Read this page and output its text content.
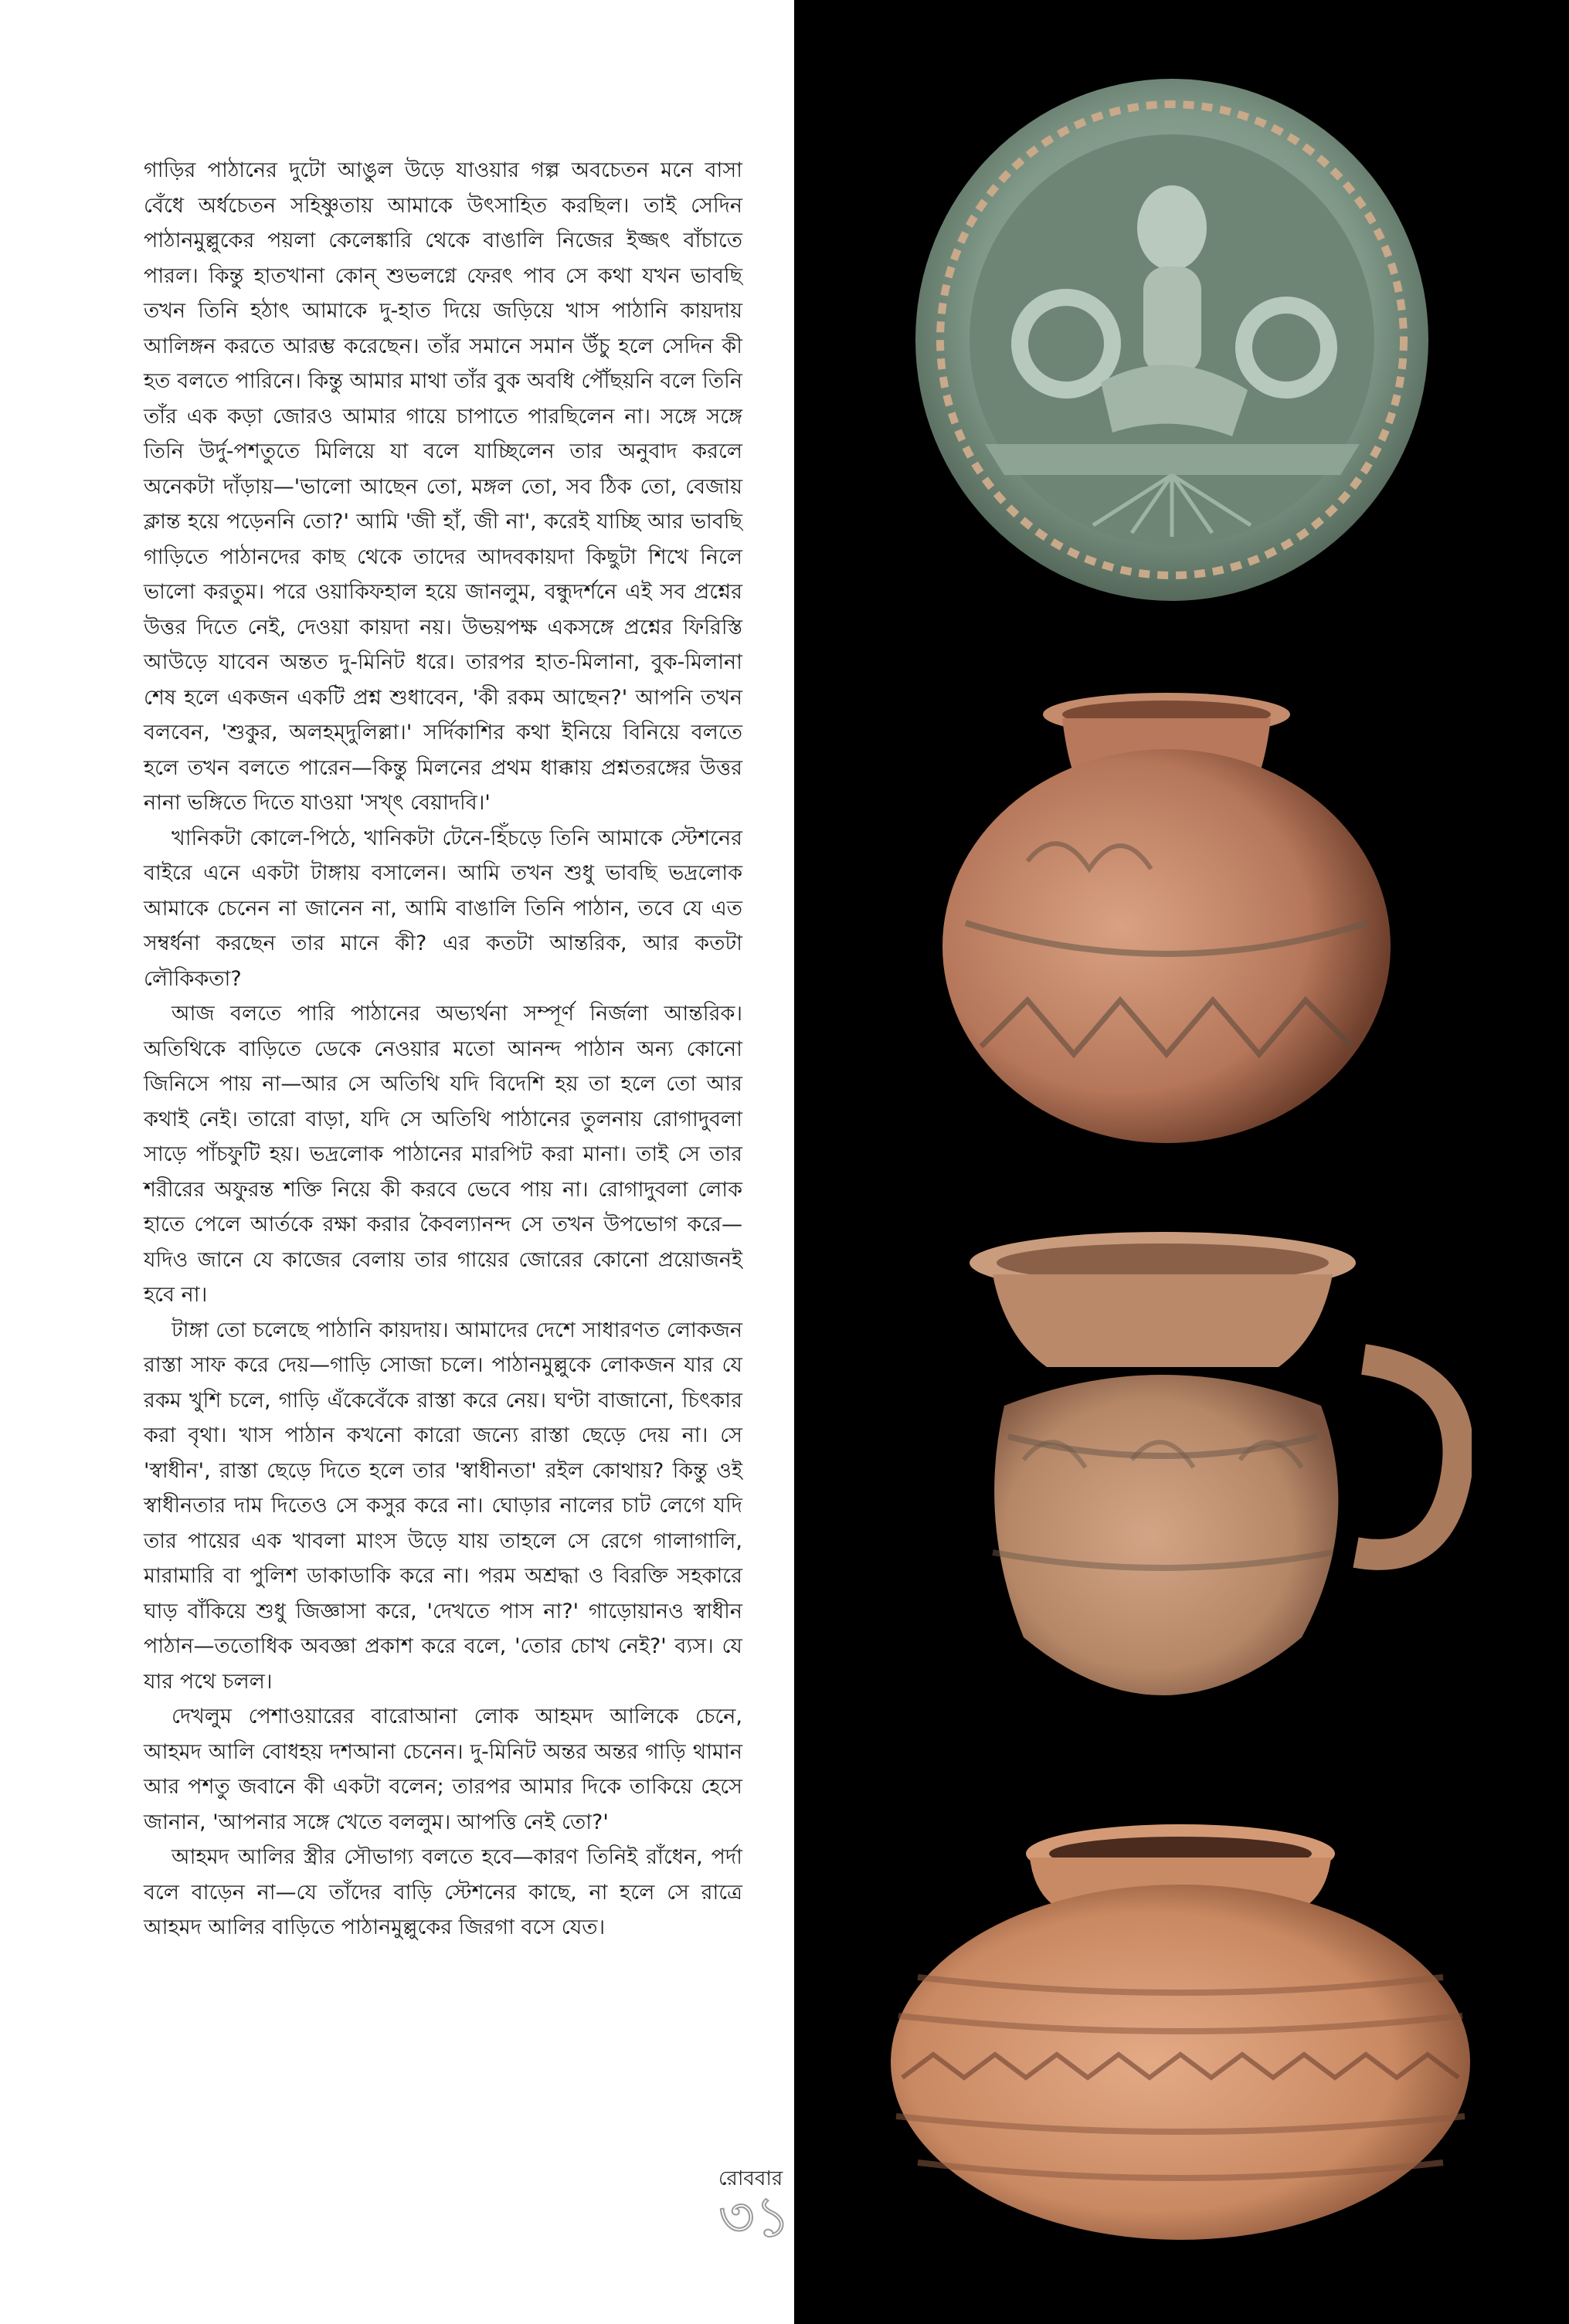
গাড়ির পাঠানের দুটো আঙুল উড়ে যাওয়ার গল্প অবচেতন মনে বাসা বেঁধে অর্ধচেতন সহিষ্ণুতায় আমাকে উৎসাহিত করছিল। তাই সেদিন পাঠানমুল্লুকের পয়লা কেলেঙ্কারি থেকে বাঙালি নিজের ইজ্জৎ বাঁচাতে পারল। কিন্তু হাতখানা কোন্‌ শুভলগ্নে ফেরৎ পাব সে কথা যখন ভাবছি তখন তিনি হঠাৎ আমাকে দু-হাত দিয়ে জড়িয়ে খাস পাঠানি কায়দায় আলিঙ্গন করতে আরম্ভ করেছেন। তাঁর সমানে সমান উঁচু হলে সেদিন কী হত বলতে পারিনে। কিন্তু আমার মাথা তাঁর বুক অবধি পৌঁছয়নি বলে তিনি তাঁর এক কড়া জোরও আমার গায়ে চাপাতে পারছিলেন না। সঙ্গে সঙ্গে তিনি উর্দু-পশতুতে মিলিয়ে যা বলে যাচ্ছিলেন তার অনুবাদ করলে অনেকটা দাঁড়ায়—'ভালো আছেন তো, মঙ্গল তো, সব ঠিক তো, বেজায় ক্লান্ত হয়ে পড়েননি তো?' আমি 'জী হাঁ, জী না', করেই যাচ্ছি আর ভাবছি গাড়িতে পাঠানদের কাছ থেকে তাদের আদবকায়দা কিছুটা শিখে নিলে ভালো করতুম। পরে ওয়াকিফহাল হয়ে জানলুম, বন্ধুদর্শনে এই সব প্রশ্নের উত্তর দিতে নেই, দেওয়া কায়দা নয়। উভয়পক্ষ একসঙ্গে প্রশ্নের ফিরিস্তি আউড়ে যাবেন অন্তত দু-মিনিট ধরে। তারপর হাত-মিলানা, বুক-মিলানা শেষ হলে একজন একটি প্রশ্ন শুধাবেন, 'কী রকম আছেন?' আপনি তখন বলবেন, 'শুকুর, অলহম্‌দুলিল্লা।' সর্দিকাশির কথা ইনিয়ে বিনিয়ে বলতে হলে তখন বলতে পারেন—কিন্তু মিলনের প্রথম ধাক্কায় প্রশ্নতরঙ্গের উত্তর নানা ভঙ্গিতে দিতে যাওয়া 'সখ্‌ৎ বেয়াদবি।'

খানিকটা কোলে-পিঠে, খানিকটা টেনে-হিঁচড়ে তিনি আমাকে স্টেশনের বাইরে এনে একটা টাঙ্গায় বসালেন। আমি তখন শুধু ভাবছি ভদ্রলোক আমাকে চেনেন না জানেন না, আমি বাঙালি তিনি পাঠান, তবে যে এত সম্বর্ধনা করছেন তার মানে কী? এর কতটা আন্তরিক, আর কতটা লৌকিকতা?

আজ বলতে পারি পাঠানের অভ্যর্থনা সম্পূর্ণ নির্জলা আন্তরিক। অতিথিকে বাড়িতে ডেকে নেওয়ার মতো আনন্দ পাঠান অন্য কোনো জিনিসে পায় না—আর সে অতিথি যদি বিদেশি হয় তা হলে তো আর কথাই নেই। তারো বাড়া, যদি সে অতিথি পাঠানের তুলনায় রোগাদুবলা সাড়ে পাঁচফুটি হয়। ভদ্রলোক পাঠানের মারপিট করা মানা। তাই সে তার শরীরের অফুরন্ত শক্তি নিয়ে কী করবে ভেবে পায় না। রোগাদুবলা লোক হাতে পেলে আর্তকে রক্ষা করার কৈবল্যানন্দ সে তখন উপভোগ করে—যদিও জানে যে কাজের বেলায় তার গায়ের জোরের কোনো প্রয়োজনই হবে না।

টাঙ্গা তো চলেছে পাঠানি কায়দায়। আমাদের দেশে সাধারণত লোকজন রাস্তা সাফ করে দেয়—গাড়ি সোজা চলে। পাঠানমুল্লুকে লোকজন যার যে রকম খুশি চলে, গাড়ি এঁকেবেঁকে রাস্তা করে নেয়। ঘণ্টা বাজানো, চিৎকার করা বৃথা। খাস পাঠান কখনো কারো জন্যে রাস্তা ছেড়ে দেয় না। সে 'স্বাধীন', রাস্তা ছেড়ে দিতে হলে তার 'স্বাধীনতা' রইল কোথায়? কিন্তু ওই স্বাধীনতার দাম দিতেও সে কসুর করে না। ঘোড়ার নালের চাট লেগে যদি তার পায়ের এক খাবলা মাংস উড়ে যায় তাহলে সে রেগে গালাগালি, মারামারি বা পুলিশ ডাকাডাকি করে না। পরম অশ্রদ্ধা ও বিরক্তি সহকারে ঘাড় বাঁকিয়ে শুধু জিজ্ঞাসা করে, 'দেখতে পাস না?' গাড়োয়ানও স্বাধীন পাঠান—ততোধিক অবজ্ঞা প্রকাশ করে বলে, 'তোর চোখ নেই?' ব্যস। যে যার পথে চলল।

দেখলুম পেশাওয়ারের বারোআনা লোক আহমদ আলিকে চেনে, আহমদ আলি বোধহয় দশআনা চেনেন। দু-মিনিট অন্তর অন্তর গাড়ি থামান আর পশতু জবানে কী একটা বলেন; তারপর আমার দিকে তাকিয়ে হেসে জানান, 'আপনার সঙ্গে খেতে বললুম। আপত্তি নেই তো?'

আহমদ আলির স্ত্রীর সৌভাগ্য বলতে হবে—কারণ তিনিই রাঁধেন, পর্দা বলে বাড়েন না—যে তাঁদের বাড়ি স্টেশনের কাছে, না হলে সে রাত্রে আহমদ আলির বাড়িতে পাঠানমুল্লুকের জিরগা বসে যেত।

রোববার
৩১
